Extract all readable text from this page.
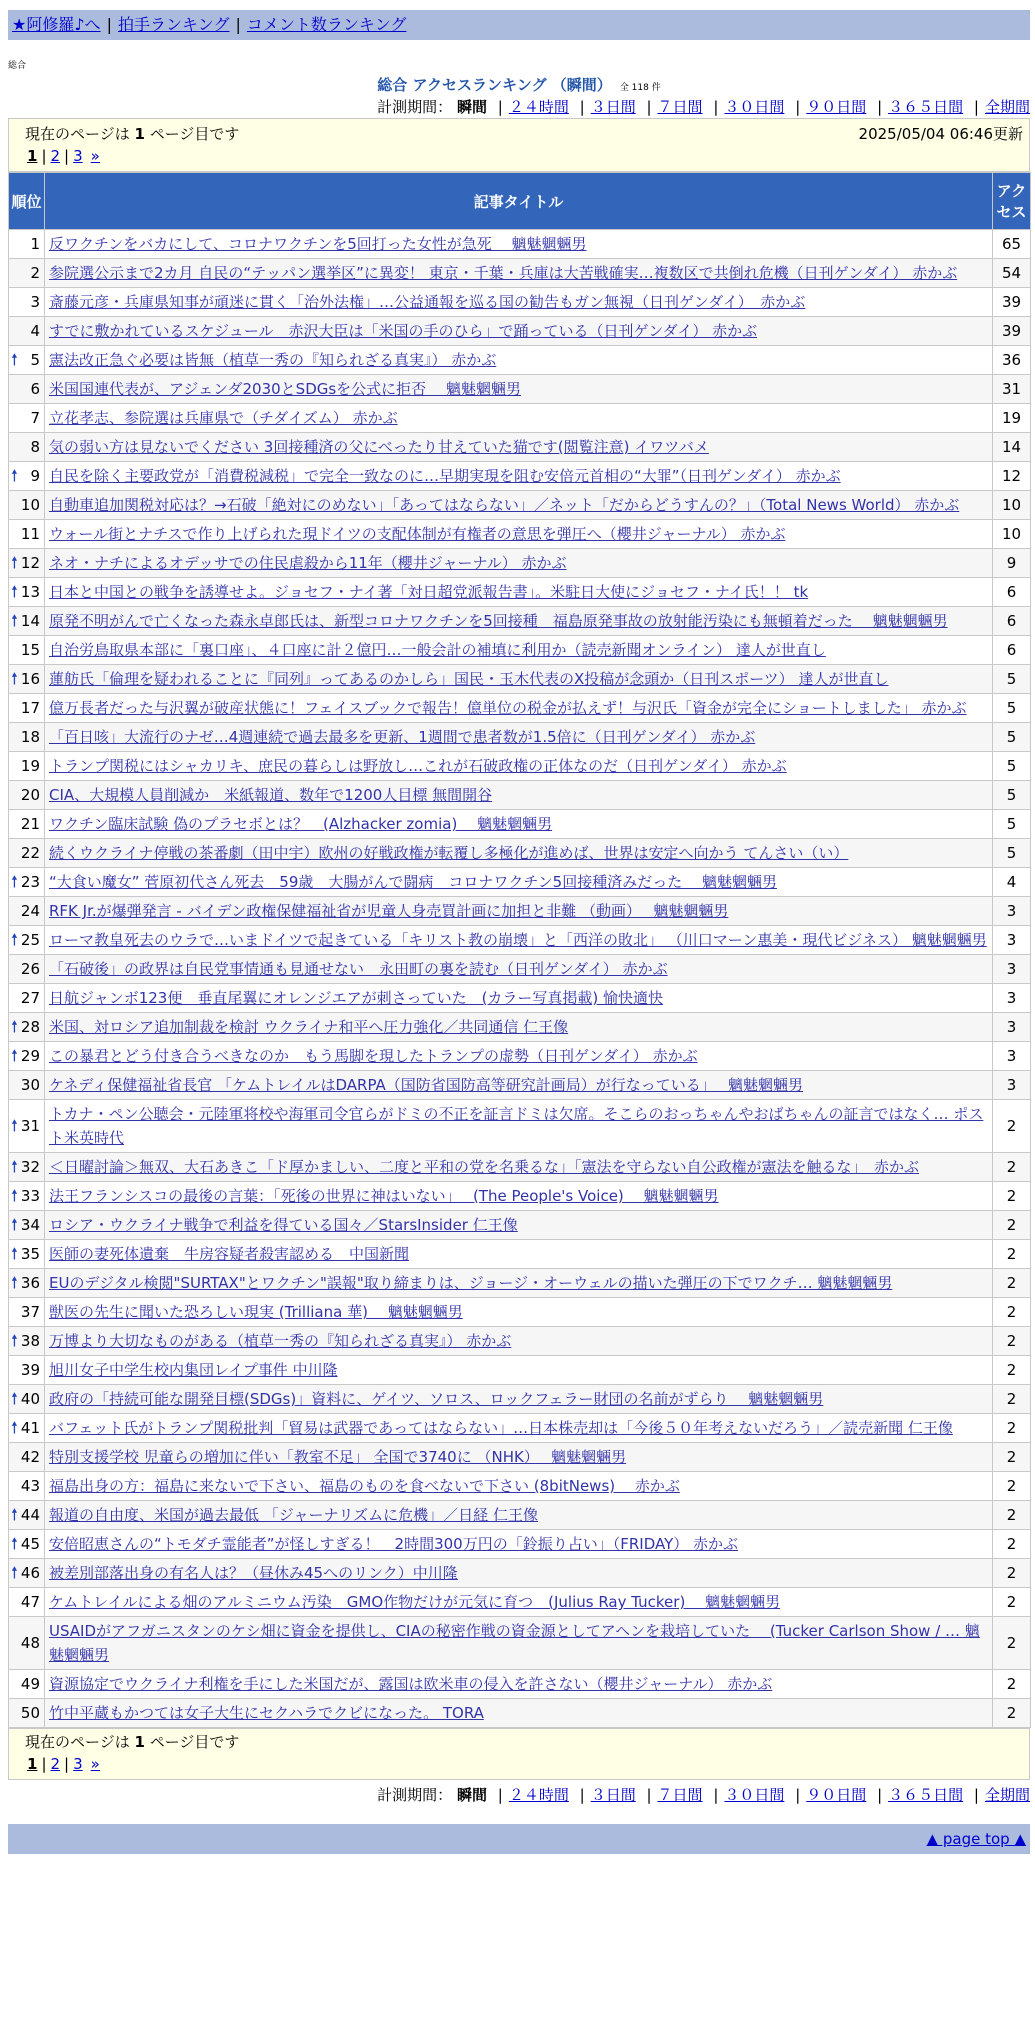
★阿修羅♪へ | 拍手ランキング | コメント数ランキング
総合
総合 アクセスランキング （瞬間） 全 118 件
計測期間： 瞬間 | ２４時間 | ３日間 | ７日間 | ３０日間 | ９０日間 | ３６５日間 | 全期間
現在のページは 1 ページ目です	2025/05/04 06:46更新
1 | 2 | 3 »
順位	記事タイトル	アクセス
1	反ワクチンをバカにして、コロナワクチンを5回打った女性が急死　 魑魅魍魎男	65
2	参院選公示まで2カ月 自民の“テッパン選挙区”に異変！ 東京・千葉・兵庫は大苦戦確実…複数区で共倒れ危機（日刊ゲンダイ） 赤かぶ	54
3	斎藤元彦・兵庫県知事が頑迷に貫く「治外法権」…公益通報を巡る国の勧告もガン無視（日刊ゲンダイ）　赤かぶ	39
4	すでに敷かれているスケジュール　赤沢大臣は「米国の手のひら」で踊っている（日刊ゲンダイ） 赤かぶ	39

🠕 5	憲法改正急ぐ必要は皆無（植草一秀の『知られざる真実』） 赤かぶ	36
6	米国国連代表が、アジェンダ2030とSDGsを公式に拒否　 魑魅魍魎男	31
7	立花孝志、参院選は兵庫県で（チダイズム） 赤かぶ	19
8	気の弱い方は見ないでください 3回接種済の父にべったり甘えていた猫です(閲覧注意) イワツバメ	14

🠕 9	自民を除く主要政党が「消費税減税」で完全一致なのに…早期実現を阻む安倍元首相の“大罪”（日刊ゲンダイ） 赤かぶ	12
10	自動車追加関税対応は？→石破「絶対にのめない」「あってはならない」／ネット「だからどうすんの？」（Total News World） 赤かぶ	10
11	ウォール街とナチスで作り上げられた現ドイツの支配体制が有権者の意思を弾圧へ（櫻井ジャーナル） 赤かぶ	10

🠕 12	ネオ・ナチによるオデッサでの住民虐殺から11年（櫻井ジャーナル） 赤かぶ	9

🠕 13	日本と中国との戦争を誘導せよ。ジョセフ・ナイ著「対日超党派報告書」。米駐日大使にジョセフ・ナイ氏！！ tk	6

🠕 14	原発不明がんで亡くなった森永卓郎氏は、新型コロナワクチンを5回接種　福島原発事故の放射能汚染にも無頓着だった　 魑魅魍魎男	6
15	自治労鳥取県本部に「裏口座」、４口座に計２億円…一般会計の補填に利用か（読売新聞オンライン） 達人が世直し	6

🠕 16	蓮舫氏「倫理を疑われることに『同列』ってあるのかしら」国民・玉木代表のX投稿が念頭か（日刊スポーツ） 達人が世直し	5
17	億万長者だった与沢翼が破産状態に！フェイスブックで報告！億単位の税金が払えず！与沢氏「資金が完全にショートしました」 赤かぶ	5
18	「百日咳」大流行のナゼ…4週連続で過去最多を更新、1週間で患者数が1.5倍に（日刊ゲンダイ） 赤かぶ	5
19	トランプ関税にはシャカリキ、庶民の暮らしは野放し…これが石破政権の正体なのだ（日刊ゲンダイ） 赤かぶ	5
20	CIA、大規模人員削減か　米紙報道、数年で1200人目標 無間開谷	5
21	ワクチン臨床試験 偽のプラセボとは？　(Alzhacker zomia)　 魑魅魍魎男	5
22	続くウクライナ停戦の茶番劇（田中宇）欧州の好戦政権が転覆し多極化が進めば、世界は安定へ向かう てんさい（い）	5

🠕 23	“大食い魔女” 菅原初代さん死去　59歳　大腸がんで闘病　コロナワクチン5回接種済みだった　 魑魅魍魎男	4
24	RFK Jr.が爆弾発言 - バイデン政権保健福祉省が児童人身売買計画に加担と非難 （動画）　 魑魅魍魎男	3

🠕 25	ローマ教皇死去のウラで…いまドイツで起きている「キリスト教の崩壊」と「西洋の敗北」 （川口マーン惠美・現代ビジネス） 魑魅魍魎男	3
26	「石破後」の政界は自民党事情通も見通せない　永田町の裏を読む（日刊ゲンダイ） 赤かぶ	3
27	日航ジャンボ123便　垂直尾翼にオレンジエアが刺さっていた　(カラー写真掲載) 愉快適快	3

🠕 28	米国、対ロシア追加制裁を検討 ウクライナ和平へ圧力強化／共同通信 仁王像	3

🠕 29	この暴君とどう付き合うべきなのか　もう馬脚を現したトランプの虚勢（日刊ゲンダイ） 赤かぶ	3
30	ケネディ保健福祉省長官 「ケムトレイルはDARPA（国防省国防高等研究計画局）が行なっている」　 魑魅魍魎男	3

🠕 31	トカナ・ペン公聴会・元陸軍将校や海軍司令官らがドミの不正を証言ドミは欠席。そこらのおっちゃんやおばちゃんの証言ではなく… ポスト米英時代	2

🠕 32	＜日曜討論＞無双、大石あきこ「ド厚かましい、二度と平和の党を名乗るな」「憲法を守らない自公政権が憲法を触るな」　赤かぶ	2

🠕 33	法王フランシスコの最後の言葉：「死後の世界に神はいない」　 (The People's Voice)　 魑魅魍魎男	2

🠕 34	ロシア・ウクライナ戦争で利益を得ている国々／StarsInsider 仁王像	2

🠕 35	医師の妻死体遺棄　牛房容疑者殺害認める　中国新聞	2

🠕 36	EUのデジタル検閲"SURTAX"とワクチン"誤報"取り締まりは、ジョージ・オーウェルの描いた弾圧の下でワクチ… 魑魅魍魎男	2
37	獣医の先生に聞いた恐ろしい現実 (Trilliana 華)　 魑魅魍魎男	2

🠕 38	万博より大切なものがある（植草一秀の『知られざる真実』） 赤かぶ	2
39	旭川女子中学生校内集団レイプ事件 中川隆	2

🠕 40	政府の「持続可能な開発目標(SDGs)」資料に、ゲイツ、ソロス、ロックフェラー財団の名前がずらり　 魑魅魍魎男	2

🠕 41	バフェット氏がトランプ関税批判「貿易は武器であってはならない」…日本株売却は「今後５０年考えないだろう」／読売新聞 仁王像	2
42	特別支援学校 児童らの増加に伴い「教室不足」 全国で3740に （NHK）　 魑魅魍魎男	2
43	福島出身の方：福島に来ないで下さい、福島のものを食べないで下さい (8bitNews)　 赤かぶ	2

🠕 44	報道の自由度、米国が過去最低 「ジャーナリズムに危機」／日経 仁王像	2

🠕 45	安倍昭恵さんの“トモダチ霊能者”が怪しすぎる！　2時間300万円の「鈴振り占い」（FRIDAY） 赤かぶ	2

🠕 46	被差別部落出身の有名人は？（昼休み45へのリンク）中川隆	2
47	ケムトレイルによる畑のアルミニウム汚染　GMO作物だけが元気に育つ　(Julius Ray Tucker)　 魑魅魍魎男	2
48	USAIDがアフガニスタンのケシ畑に資金を提供し、CIAの秘密作戦の資金源としてアヘンを栽培していた　 (Tucker Carlson Show / … 魑魅魍魎男	2
49	資源協定でウクライナ利権を手にした米国だが、露国は欧米車の侵入を許さない（櫻井ジャーナル） 赤かぶ	2
50	竹中平蔵もかつては女子大生にセクハラでクビになった。 TORA	2
現在のページは 1 ページ目です
1 | 2 | 3 »
計測期間： 瞬間 | ２４時間 | ３日間 | ７日間 | ３０日間 | ９０日間 | ３６５日間 | 全期間
▲ page top ▲
